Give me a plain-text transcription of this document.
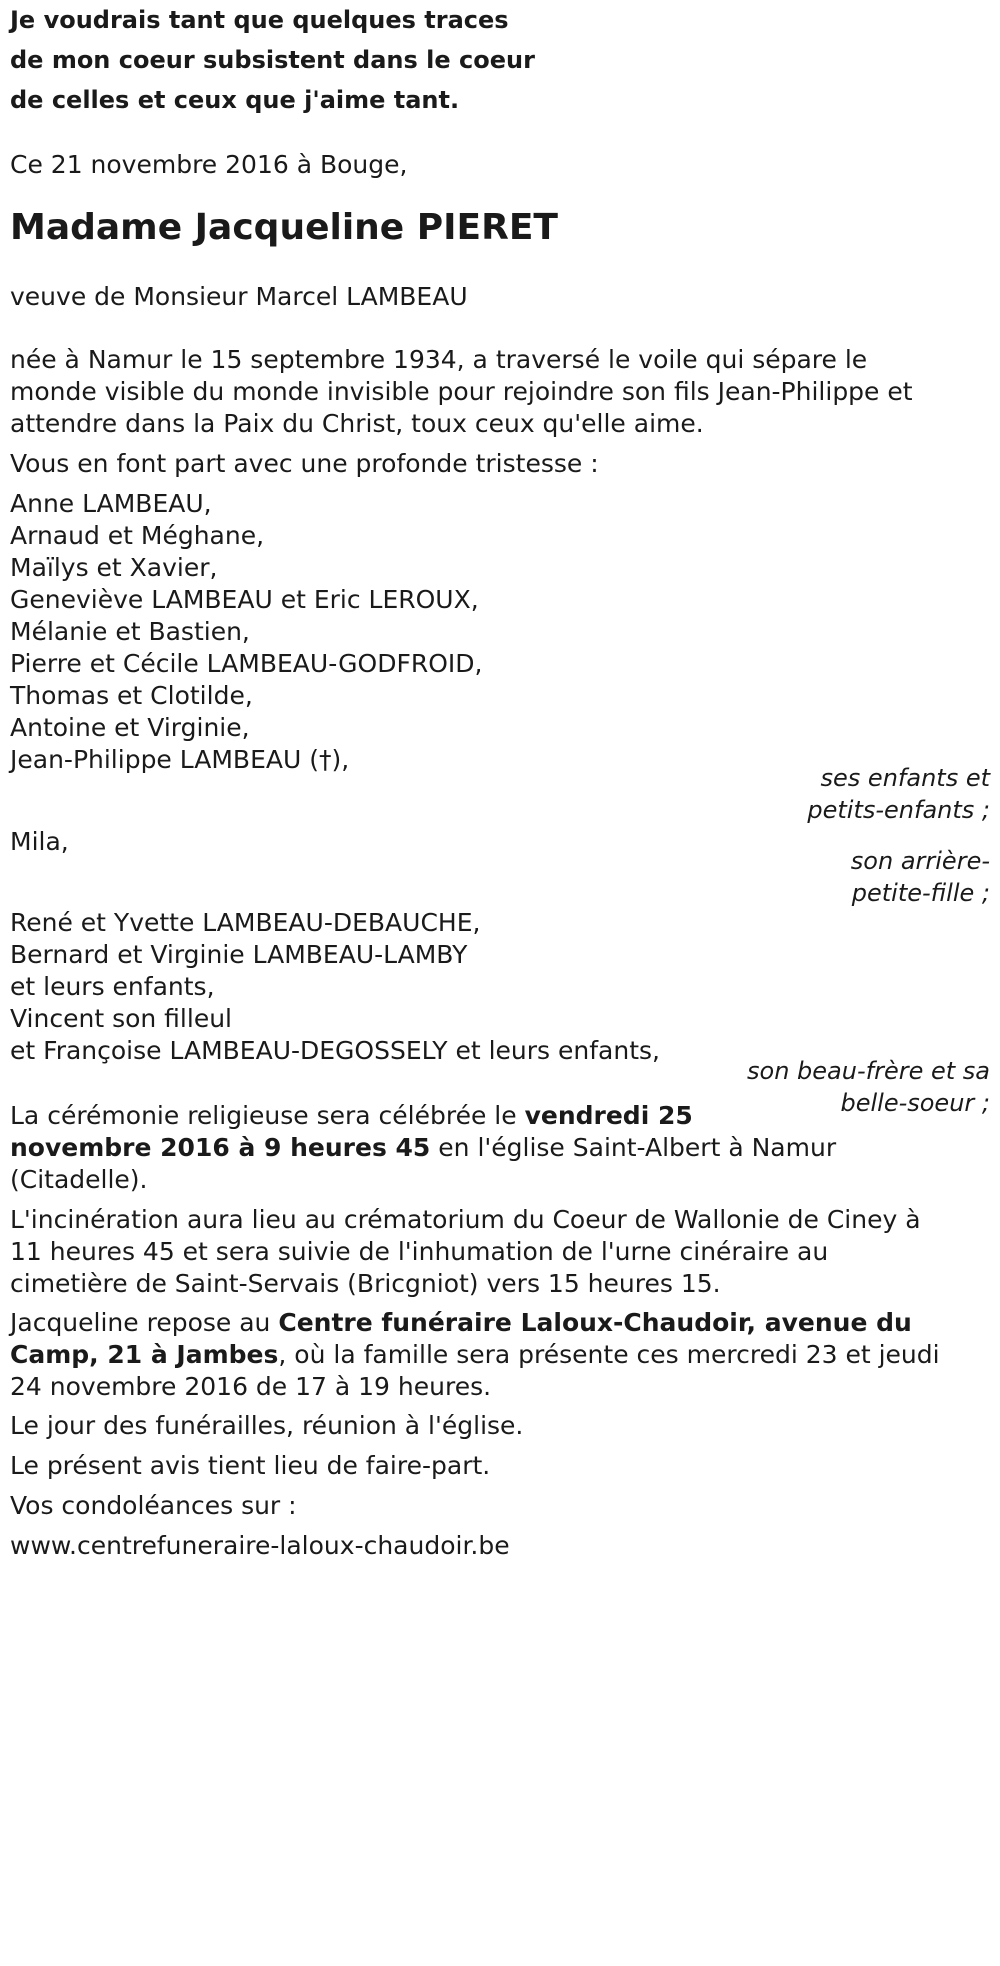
Je voudrais tant que quelques traces
de mon coeur subsistent dans le coeur
de celles et ceux que j'aime tant.
Ce 21 novembre 2016 à Bouge,
Madame Jacqueline PIERET
veuve de Monsieur Marcel LAMBEAU
née à Namur le 15 septembre 1934, a traversé le voile qui sépare le
monde visible du monde invisible pour rejoindre son fils Jean-Philippe et
attendre dans la Paix du Christ, toux ceux qu'elle aime.
Vous en font part avec une profonde tristesse :
Anne LAMBEAU,
Arnaud et Méghane,
Maïlys et Xavier,
Geneviève LAMBEAU et Eric LEROUX,
Mélanie et Bastien,
Pierre et Cécile LAMBEAU-GODFROID,
Thomas et Clotilde,
Antoine et Virginie,
Jean-Philippe LAMBEAU (†),
ses enfants et
petits-enfants ;
Mila,
son arrière-
petite-fille ;
René et Yvette LAMBEAU-DEBAUCHE,
Bernard et Virginie LAMBEAU-LAMBY
et leurs enfants,
Vincent son filleul
et Françoise LAMBEAU-DEGOSSELY et leurs enfants,
son beau-frère et sa
belle-soeur ;
La cérémonie religieuse sera célébrée le vendredi 25
novembre 2016 à 9 heures 45 en l'église Saint-Albert à Namur
(Citadelle).
L'incinération aura lieu au crématorium du Coeur de Wallonie de Ciney à
11 heures 45 et sera suivie de l'inhumation de l'urne cinéraire au
cimetière de Saint-Servais (Bricgniot) vers 15 heures 15.
Jacqueline repose au Centre funéraire Laloux-Chaudoir, avenue du
Camp, 21 à Jambes, où la famille sera présente ces mercredi 23 et jeudi
24 novembre 2016 de 17 à 19 heures.
Le jour des funérailles, réunion à l'église.
Le présent avis tient lieu de faire-part.
Vos condoléances sur :
www.centrefuneraire-laloux-chaudoir.be
